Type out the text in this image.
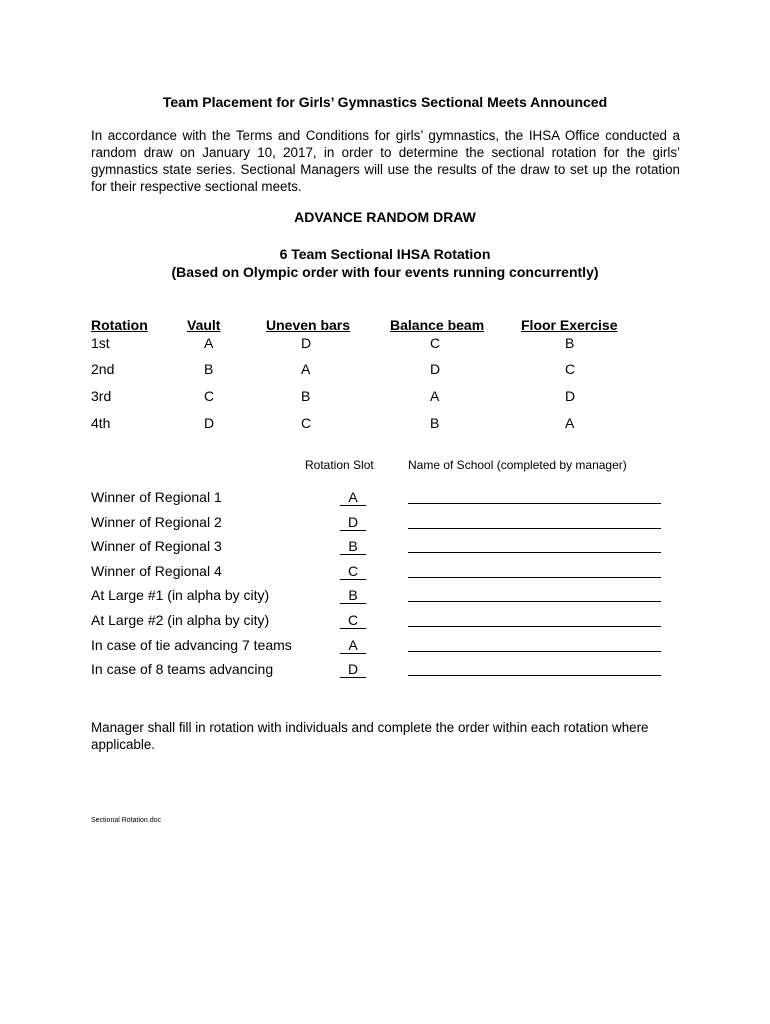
Team Placement for Girls’ Gymnastics Sectional Meets Announced
In accordance with the Terms and Conditions for girls’ gymnastics, the IHSA Office conducted a random draw on January 10, 2017, in order to determine the sectional rotation for the girls’ gymnastics state series. Sectional Managers will use the results of the draw to set up the rotation for their respective sectional meets.
ADVANCE RANDOM DRAW
6 Team Sectional IHSA Rotation
(Based on Olympic order with four events running concurrently)
Rotation	Vault	Uneven bars	Balance beam	Floor Exercise
1st	A	D	C	B
2nd	B	A	D	C
3rd	C	B	A	D
4th	D	C	B	A
Rotation Slot	Name of School (completed by manager)
Winner of Regional 1	A
Winner of Regional 2	D
Winner of Regional 3	B
Winner of Regional 4	C
At Large #1 (in alpha by city)	B
At Large #2 (in alpha by city)	C
In case of tie advancing 7 teams	A
In case of 8 teams advancing	D
Manager shall fill in rotation with individuals and complete the order within each rotation where applicable.
Sectional Rotation.doc
